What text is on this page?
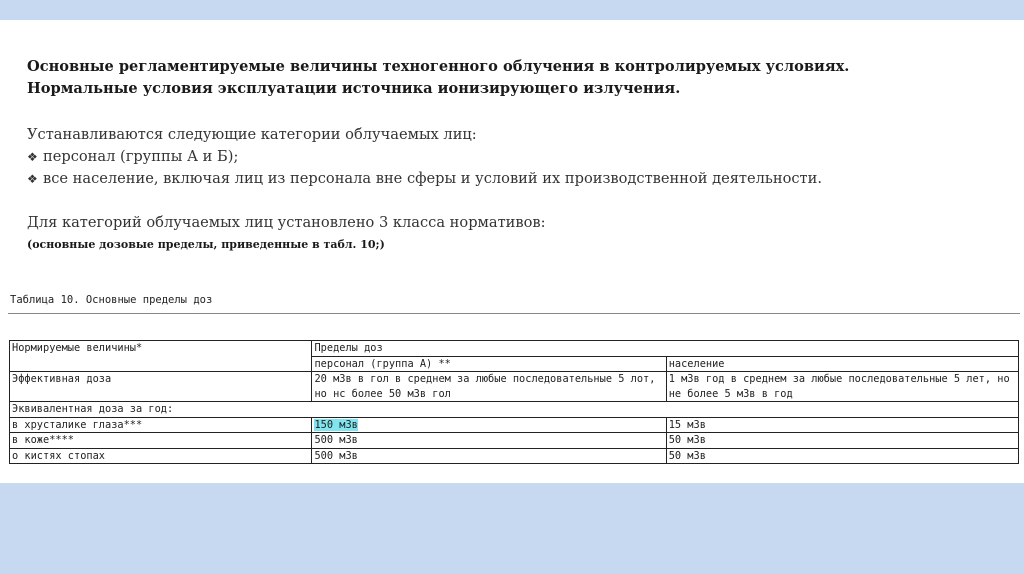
Основные регламентируемые величины техногенного облучения в контролируемых условиях.
Нормальные условия эксплуатации источника ионизирующего излучения.
Устанавливаются следующие категории облучаемых лиц:
❖ персонал (группы А и Б);
❖ все население, включая лиц из персонала вне сферы и условий их производственной деятельности.
Для категорий облучаемых лиц установлено 3 класса нормативов:
(основные дозовые пределы, приведенные в табл. 10;)
Таблица 10. Основные пределы доз
Нормируемые величины*	Пределы доз	
	персонал (группа А) **	население
Эффективная доза	20 мЗв в гол в среднем за любые последовательные 5 лот, но нс более 50 мЗв гол	1 мЗв год в среднем за любые последовательные 5 лет, но не более 5 мЗв в год
Эквивалентная доза за год:		
в хрусталике глаза***	150 мЗв	15 мЗв
в коже****	500 мЗв	50 мЗв
о кистях стопах	500 мЗв	50 мЗв
